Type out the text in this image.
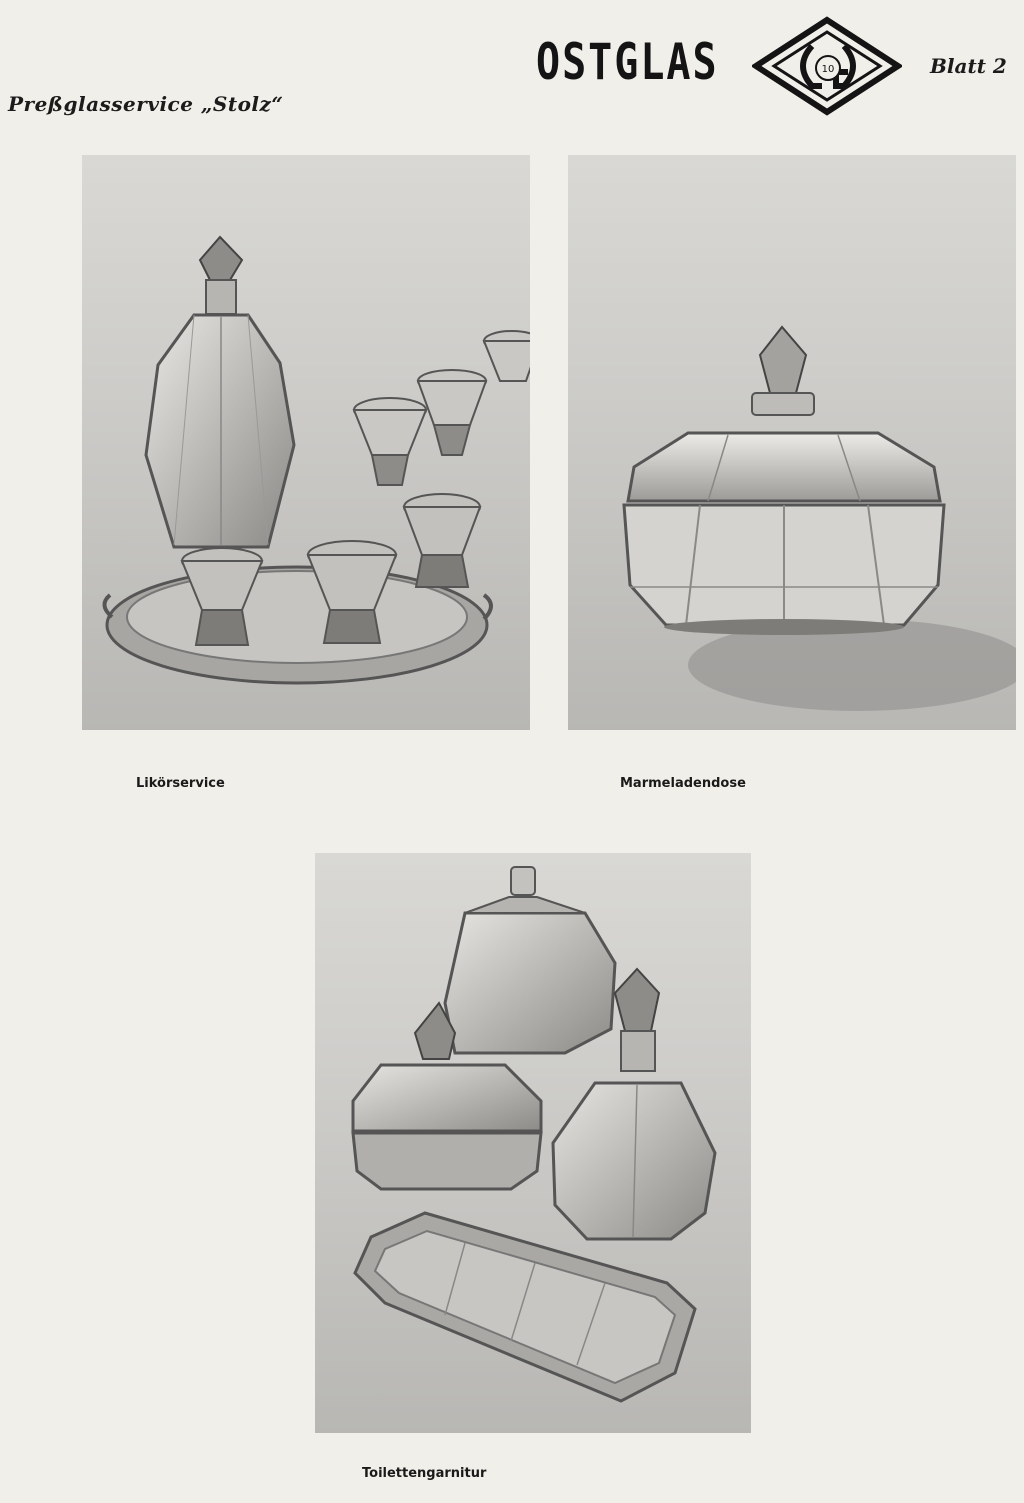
Preßglasservice „Stolz“
OSTGLAS	10	Blatt 2
Likörservice	Marmeladendose
Toilettengarnitur
